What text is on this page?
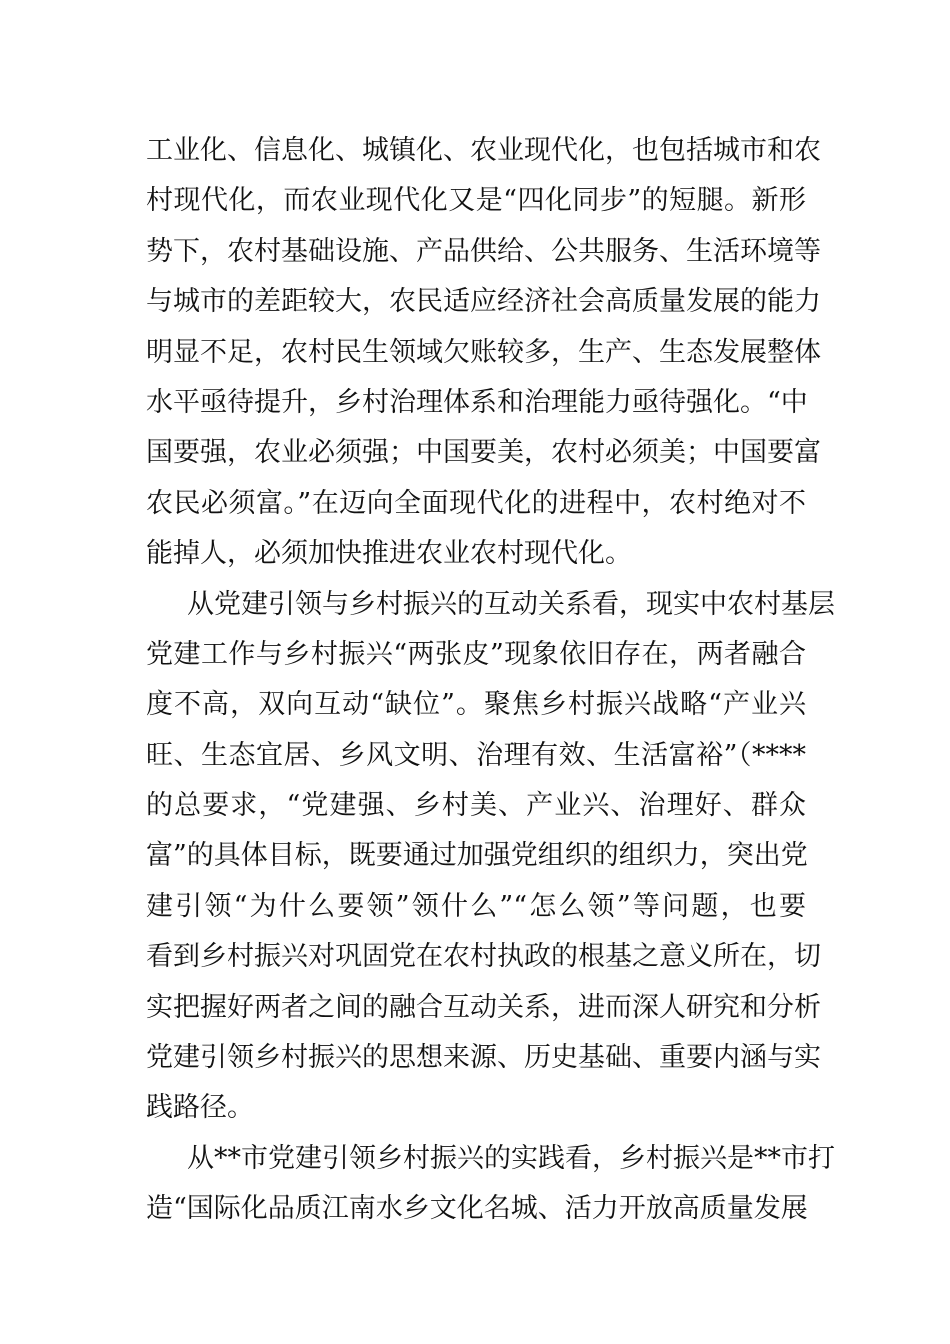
工业化、信息化、城镇化、农业现代化，也包括城市和农
村现代化，而农业现代化又是“四化同步”的短腿。新形
势下，农村基础设施、产品供给、公共服务、生活环境等
与城市的差距较大，农民适应经济社会高质量发展的能力
明显不足，农村民生领域欠账较多，生产、生态发展整体
水平亟待提升，乡村治理体系和治理能力亟待强化。“中
国要强，农业必须强；中国要美，农村必须美；中国要富
农民必须富。”在迈向全面现代化的进程中，农村绝对不
能掉人，必须加快推进农业农村现代化。
从党建引领与乡村振兴的互动关系看，现实中农村基层
党建工作与乡村振兴“两张皮”现象依旧存在，两者融合
度不高，双向互动“缺位”。聚焦乡村振兴战略“产业兴
旺、生态宜居、乡风文明、治理有效、生活富裕”（****
的总要求，“党建强、乡村美、产业兴、治理好、群众
富”的具体目标，既要通过加强党组织的组织力，突出党
建引领“为什么要领”领什么”“怎么领”等问题，也要
看到乡村振兴对巩固党在农村执政的根基之意义所在，切
实把握好两者之间的融合互动关系，进而深人研究和分析
党建引领乡村振兴的思想来源、历史基础、重要内涵与实
践路径。
从**市党建引领乡村振兴的实践看，乡村振兴是**市打
造“国际化品质江南水乡文化名城、活力开放高质量发展
